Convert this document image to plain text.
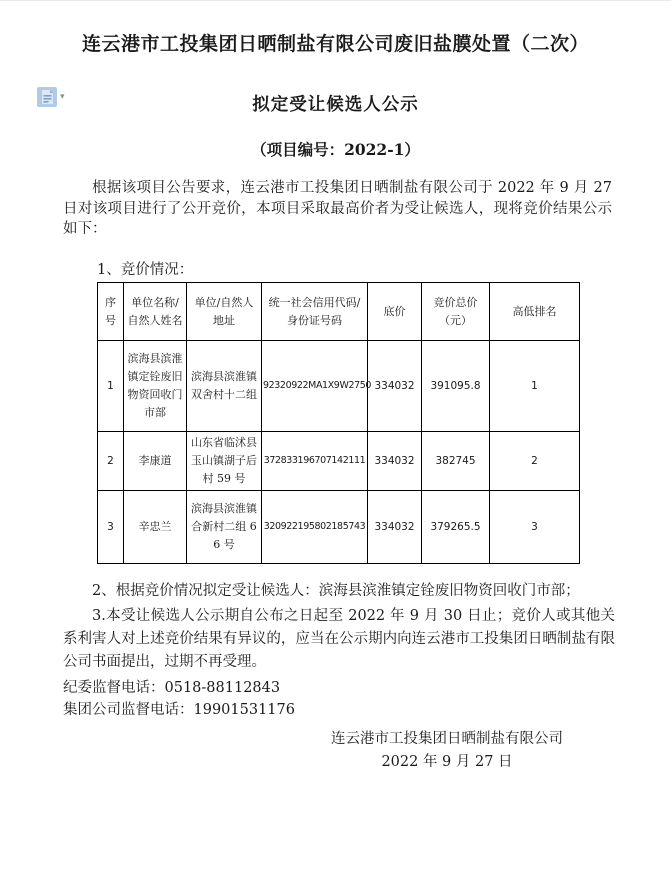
连云港市工投集团日晒制盐有限公司废旧盐膜处置（二次）
▾	拟定受让候选人公示
（项目编号：2022-1）
根据该项目公告要求，连云港市工投集团日晒制盐有限公司于 2022 年 9 月 27 日对该项目进行了公开竞价，本项目采取最高价者为受让候选人，现将竞价结果公示如下：
1、竞价情况：
序号	单位名称/自然人姓名	单位/自然人地址	统一社会信用代码/身份证号码	底价	竞价总价（元）	高低排名
1	滨海县滨淮镇定铨废旧物资回收门市部	滨海县滨淮镇双舍村十二组	92320922MA1X9W2750	334032	391095.8	1
2	李康道	山东省临沭县玉山镇湖子后村 59 号	372833196707142111	334032	382745	2
3	辛忠兰	滨海县滨淮镇合新村二组 66 号	320922195802185743	334032	379265.5	3
2、根据竞价情况拟定受让候选人：滨海县滨淮镇定铨废旧物资回收门市部；
3.本受让候选人公示期自公布之日起至 2022 年 9 月 30 日止；竞价人或其他关系利害人对上述竞价结果有异议的，应当在公示期内向连云港市工投集团日晒制盐有限公司书面提出，过期不再受理。
纪委监督电话：0518-88112843
集团公司监督电话：19901531176
连云港市工投集团日晒制盐有限公司
2022 年 9 月 27 日
